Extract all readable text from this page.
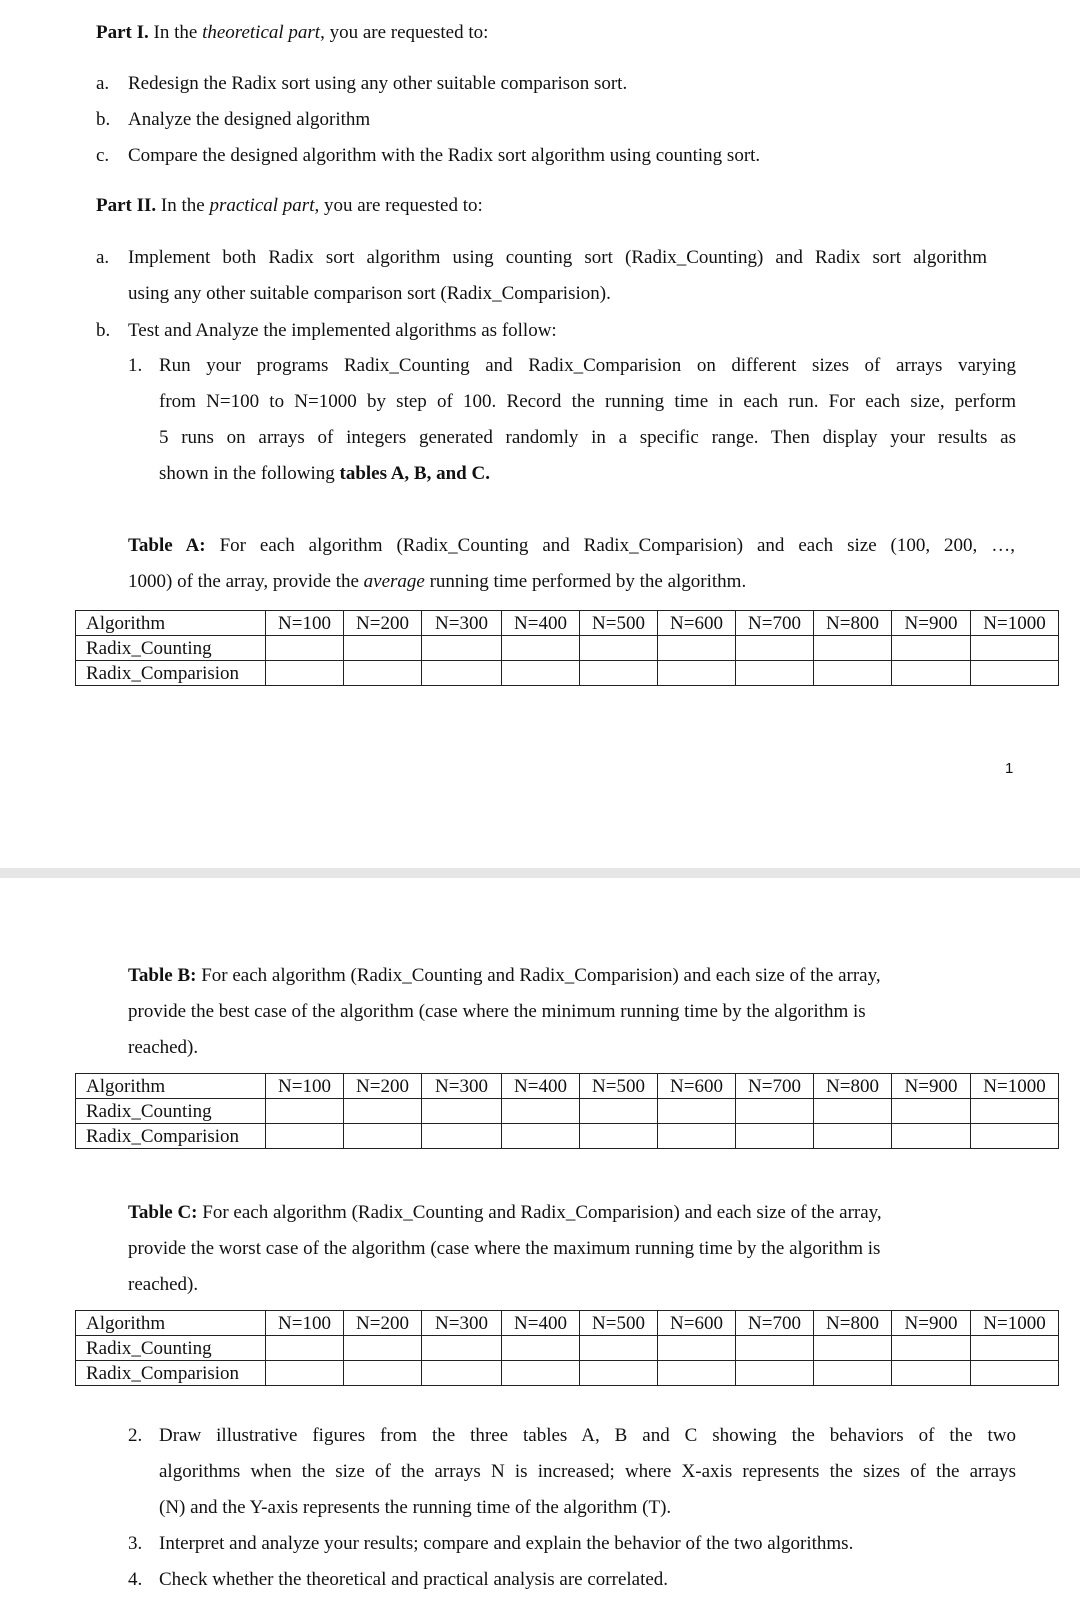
Part I. In the theoretical part, you are requested to:
a. Redesign the Radix sort using any other suitable comparison sort.
b. Analyze the designed algorithm
c. Compare the designed algorithm with the Radix sort algorithm using counting sort.
Part II. In the practical part, you are requested to:
a. Implement both Radix sort algorithm using counting sort (Radix_Counting) and Radix sort algorithm
using any other suitable comparison sort (Radix_Comparision).
b. Test and Analyze the implemented algorithms as follow:
1. Run your programs Radix_Counting and Radix_Comparision on different sizes of arrays varying
from N=100 to N=1000 by step of 100. Record the running time in each run. For each size, perform
5 runs on arrays of integers generated randomly in a specific range. Then display your results as
shown in the following tables A, B, and C.
Table A: For each algorithm (Radix_Counting and Radix_Comparision) and each size (100, 200, …,
1000) of the array, provide the average running time performed by the algorithm.
Algorithm	N=100	N=200	N=300	N=400	N=500	N=600	N=700	N=800	N=900	N=1000
Radix_Counting										
Radix_Comparision										
1
Table B: For each algorithm (Radix_Counting and Radix_Comparision) and each size of the array,
provide the best case of the algorithm (case where the minimum running time by the algorithm is
reached).
Algorithm	N=100	N=200	N=300	N=400	N=500	N=600	N=700	N=800	N=900	N=1000
Radix_Counting										
Radix_Comparision										
Table C: For each algorithm (Radix_Counting and Radix_Comparision) and each size of the array,
provide the worst case of the algorithm (case where the maximum running time by the algorithm is
reached).
Algorithm	N=100	N=200	N=300	N=400	N=500	N=600	N=700	N=800	N=900	N=1000
Radix_Counting										
Radix_Comparision										
2. Draw illustrative figures from the three tables A, B and C showing the behaviors of the two
algorithms when the size of the arrays N is increased; where X-axis represents the sizes of the arrays
(N) and the Y-axis represents the running time of the algorithm (T).
3. Interpret and analyze your results; compare and explain the behavior of the two algorithms.
4. Check whether the theoretical and practical analysis are correlated.
